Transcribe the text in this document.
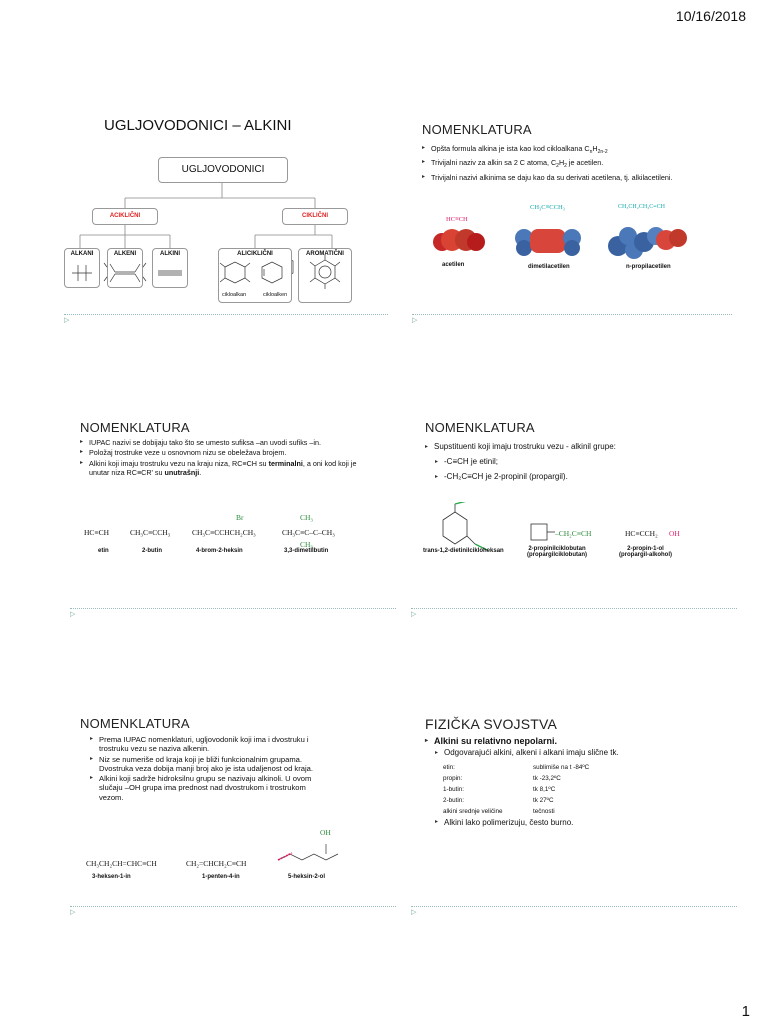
10/16/2018
1
UGLJOVODONICI – ALKINI
UGLJOVODONICI
ACIKLIČNI	CIKLIČNI
ALKANI	ALKENI	ALKINI	ALICIKLIČNI	AROMATIČNI
cikloalkan	cikloalken
▷
NOMENKLATURA
▸ Opšta formula alkina je ista kao kod cikloalkana $C_nH_{2n-2}$
▸ Trivijalni naziv za alkin sa 2 C atoma, $C_2H_2$ je acetilen.
▸ Trivijalni nazivi alkinima se daju kao da su derivati acetilena, tj. alkilacetileni.
HC≡CH
CH₃C≡CCH₃	CH₃CH₂CH₂C≡CH
acetilen	dimetilacetilen	n-propilacetilen
▷
NOMENKLATURA
▸ IUPAC nazivi se dobijaju tako što se umesto sufiksa –an uvodi sufiks –in.
▸ Položaj trostruke veze u osnovnom nizu se obeležava brojem.
▸ Alkini koji imaju trostruku vezu na kraju niza, RC≡CH su terminalni, a oni kod koji je unutar niza RC≡CR' su unutrašnji.
HC≡CH	CH₃C≡CCH₃
Br
CH₃C≡CCHCH₂CH₃
CH₃
CH₃C≡C–C–CH₃
CH₃
etin	2-butin	4-brom-2-heksin	3,3-dimetilbutin
▷
NOMENKLATURA
▸ Supstituenti koji imaju trostruku vezu - alkinil grupe:
▸ -C≡CH je etinil;
▸ -CH₂C≡CH je 2-propinil (propargil).
–CH₂C≡CH	HC≡CCH₂ OH
trans-1,2-dietinilcikloheksan	2-propinilciklobutan
(propargilciklobutan)
2-propin-1-ol
(propargil-alkohol)
▷
NOMENKLATURA
▸ Prema IUPAC nomenklaturi, ugljovodonik koji ima i dvostruku i trostruku vezu se naziva alkenin.
▸ Niz se numeriše od kraja koji je bliži funkcionalnim grupama. Dvostruka veza dobija manji broj ako je ista udaljenost od kraja.
▸ Alkini koji sadrže hidroksilnu grupu se nazivaju alkinoli. U ovom slučaju –OH grupa ima prednost nad dvostrukom i trostrukom vezom.
CH₃CH₂CH=CHC≡CH	CH₂=CHCH₂C≡CH
OH
3-heksen-1-in	1-penten-4-in	5-heksin-2-ol
▷
FIZIČKA SVOJSTVA
▸ Alkini su relativno nepolarni.
▸ Odgovarajući alkini, alkeni i alkani imaju slične tk.
etin:	sublimiše na t -84ºC
propin:	tk -23,2ºC
1-butin:	tk 8,1ºC
2-butin:	tk 27ºC
alkini srednje veličine	tečnosti
▸ Alkini lako polimerizuju, često burno.
▷
